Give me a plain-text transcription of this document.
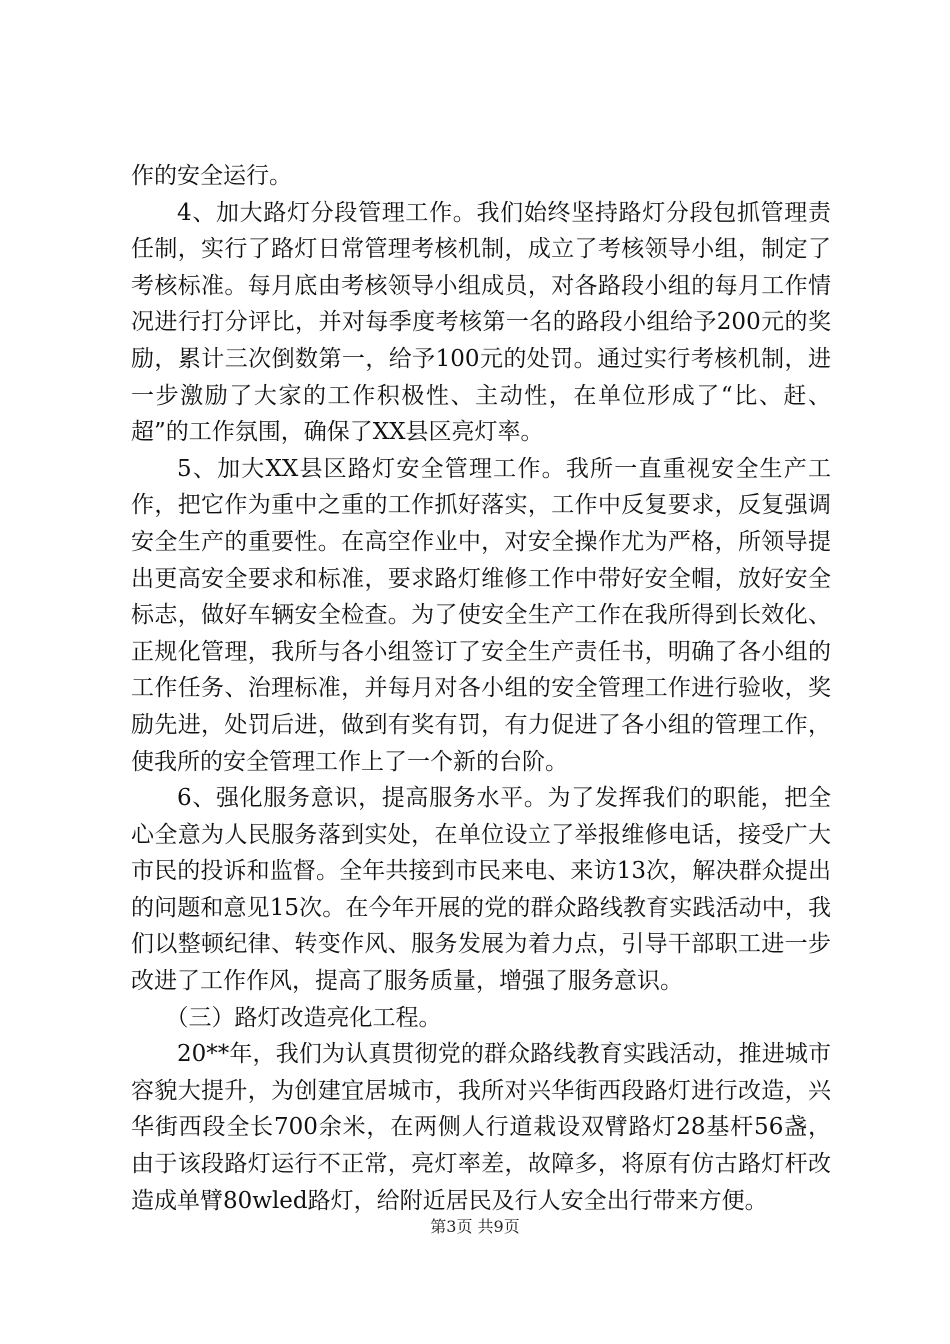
作的安全运行。

4、加大路灯分段管理工作。我们始终坚持路灯分段包抓管理责任制，实行了路灯日常管理考核机制，成立了考核领导小组，制定了考核标准。每月底由考核领导小组成员，对各路段小组的每月工作情况进行打分评比，并对每季度考核第一名的路段小组给予200元的奖励，累计三次倒数第一，给予100元的处罚。通过实行考核机制，进一步激励了大家的工作积极性、主动性，在单位形成了“比、赶、超”的工作氛围，确保了XX县区亮灯率。

5、加大XX县区路灯安全管理工作。我所一直重视安全生产工作，把它作为重中之重的工作抓好落实，工作中反复要求，反复强调安全生产的重要性。在高空作业中，对安全操作尤为严格，所领导提出更高安全要求和标准，要求路灯维修工作中带好安全帽，放好安全标志，做好车辆安全检查。为了使安全生产工作在我所得到长效化、正规化管理，我所与各小组签订了安全生产责任书，明确了各小组的工作任务、治理标准，并每月对各小组的安全管理工作进行验收，奖励先进，处罚后进，做到有奖有罚，有力促进了各小组的管理工作，使我所的安全管理工作上了一个新的台阶。

6、强化服务意识，提高服务水平。为了发挥我们的职能，把全心全意为人民服务落到实处，在单位设立了举报维修电话，接受广大市民的投诉和监督。全年共接到市民来电、来访13次，解决群众提出的问题和意见15次。在今年开展的党的群众路线教育实践活动中，我们以整顿纪律、转变作风、服务发展为着力点，引导干部职工进一步改进了工作作风，提高了服务质量，增强了服务意识。

（三）路灯改造亮化工程。

20**年，我们为认真贯彻党的群众路线教育实践活动，推进城市容貌大提升，为创建宜居城市，我所对兴华街西段路灯进行改造，兴华街西段全长700余米，在两侧人行道栽设双臂路灯28基杆56盏，由于该段路灯运行不正常，亮灯率差，故障多，将原有仿古路灯杆改造成单臂80wled路灯，给附近居民及行人安全出行带来方便。

第3页 共9页
